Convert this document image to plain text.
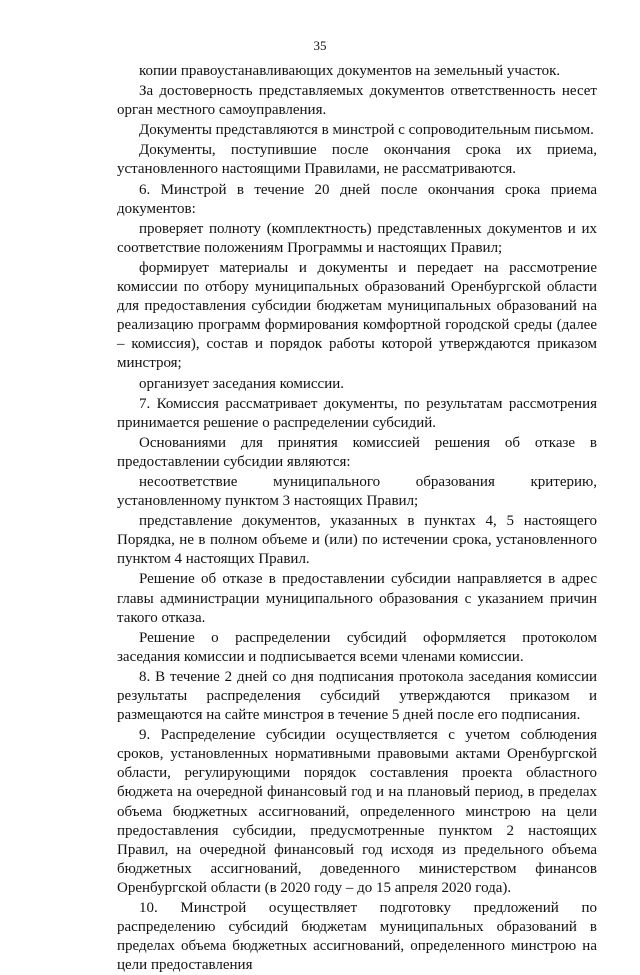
35

копии правоустанавливающих документов на земельный участок.

За достоверность представляемых документов ответственность несет орган местного самоуправления.

Документы представляются в минстрой с сопроводительным письмом.

Документы, поступившие после окончания срока их приема, установленного настоящими Правилами, не рассматриваются.

6. Минстрой в течение 20 дней после окончания срока приема документов:

проверяет полноту (комплектность) представленных документов и их соответствие положениям Программы и настоящих Правил;

формирует материалы и документы и передает на рассмотрение комиссии по отбору муниципальных образований Оренбургской области для предоставления субсидии бюджетам муниципальных образований на реализацию программ формирования комфортной городской среды (далее – комиссия), состав и порядок работы которой утверждаются приказом минстроя;

организует заседания комиссии.

7. Комиссия рассматривает документы, по результатам рассмотрения принимается решение о распределении субсидий.

Основаниями для принятия комиссией решения об отказе в предоставлении субсидии являются:

несоответствие муниципального образования критерию, установленному пунктом 3 настоящих Правил;

представление документов, указанных в пунктах 4, 5 настоящего Порядка, не в полном объеме и (или) по истечении срока, установленного пунктом 4 настоящих Правил.

Решение об отказе в предоставлении субсидии направляется в адрес главы администрации муниципального образования с указанием причин такого отказа.

Решение о распределении субсидий оформляется протоколом заседания комиссии и подписывается всеми членами комиссии.

8. В течение 2 дней со дня подписания протокола заседания комиссии результаты распределения субсидий утверждаются приказом и размещаются на сайте минстроя в течение 5 дней после его подписания.

9. Распределение субсидии осуществляется с учетом соблюдения сроков, установленных нормативными правовыми актами Оренбургской области, регулирующими порядок составления проекта областного бюджета на очередной финансовый год и на плановый период, в пределах объема бюджетных ассигнований, определенного минстрою на цели предоставления субсидии, предусмотренные пунктом 2 настоящих Правил, на очередной финансовый год исходя из предельного объема бюджетных ассигнований, доведенного министерством финансов Оренбургской области (в 2020 году – до 15 апреля 2020 года).

10. Минстрой осуществляет подготовку предложений по распределению субсидий бюджетам муниципальных образований в пределах объема бюджетных ассигнований, определенного минстрою на цели предоставления
